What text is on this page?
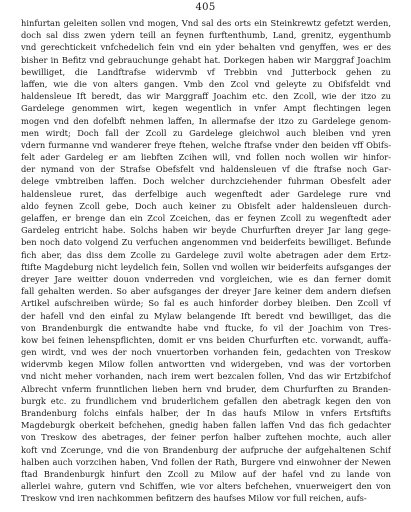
405
hinfurtan geleiten sollen vnd mogen, Vnd sal des orts ein Steinkrewtz gefetzt werden,
doch sal diss zwen ydern teill an feynen furftenthumb, Land, grenitz, eygenthumb
vnd gerechtickeit vnfchedelich fein vnd ein yder behalten vnd genyffen, wes er des
bisher in Befitz vnd gebrauchunge gehabt hat. Dorkegen haben wir Marggraf Joachim
bewilliget, die Landftrafse widervmb vf Trebbin vnd Jutterbock gehen zu
laffen, wie die von alters gangen. Vmb den Zcol vnd geleyte zu Obifsfeldt vnd
haldensleue Ift beredt, das wir Marggraff Joachim etc. den Zcoll, wie der itzo zu
Gardelege genommen wirt, kegen wegentlich in vnfer Ampt flechtingen legen
mogen vnd den dofelbft nehmen laffen, In allermafse der itzo zu Gardelege genom-
men wirdt; Doch fall der Zcoll zu Gardelege gleichwol auch bleiben vnd yren
vdern furmanne vnd wanderer freye ftehen, welche ftrafse vnder den beiden vff Obifs-
felt ader Gardeleg er am liebften Zcihen will, vnd follen noch wollen wir hinfor-
der nymand von der Strafse Obefsfelt vnd haldensleuen vf die ftrafse noch Gar-
delege vmbtreiben laffen. Doch welcher durchzciehender fuhrman Obesfelt ader
haldensleue ruret, das derfelbige auch wegenftedt ader Gardelege rure vnd
aldo feynen Zcoll gebe, Doch auch keiner zu Obisfelt ader haldensleuen durch-
gelaffen, er brenge dan ein Zcol Zceichen, das er feynen Zcoll zu wegenftedt ader
Gardeleg entricht habe. Solchs haben wir beyde Churfurften dreyer Jar lang gege-
ben noch dato volgend Zu verfuchen angenommen vnd beiderfeits bewilliget. Befunde
fich aber, das diss dem Zcolle zu Gardelege zuvil wolte abetragen ader dem Ertz-
ftifte Magdeburg nicht leydelich fein, Sollen vnd wollen wir beiderfeits aufsganges der
dreyer Jare weitter douon vnderreden vnd vorgleichen, wie es dan ferner domit
fall gehalten werden. So aber aufsganges der dreyer Jare keiner dem andern diefsen
Artikel aufschreiben würde; So fal es auch hinforder dorbey bleiben. Den Zcoll vf
der hafell vnd den einfal zu Mylaw belangende Ift beredt vnd bewilliget, das die
von Brandenburgk die entwandte habe vnd ftucke, fo vil der Joachim von Tres-
kow bei feinen lehenspflichten, domit er vns beiden Churfurften etc. vorwandt, auffa-
gen wirdt, vnd wes der noch vnuertorben vorhanden fein, gedachten von Treskow
widervmb kegen Milow follen antwortten vnd widergeben, vnd was der vortorben
vnd nicht meher vorhanden, nach irem wert bezcalen follen, Vnd das wir Ertzbifchof
Albrecht vnferm frunntlichen lieben hern vnd bruder, dem Churfurften zu Branden-
burgk etc. zu frundlichem vnd bruderlichem gefallen den abetragk kegen den von
Brandenburg folchs einfals halber, der In das haufs Milow in vnfers Ertsftifts
Magdeburgk oberkeit befchehen, gnedig haben fallen laffen Vnd das fich gedachter
von Treskow des abetrages, der feiner perfon halber zuftehen mochte, auch aller
koft vnd Zcerunge, vnd die von Brandenburg der aufpruche der aufgehaltenen Schif
halben auch vorzcihen haben, Vnd follen der Rath, Burgere vnd einwohner der Newen
ftad Brandenburgk hinfurt den Zcoll zu Milow auf der hafel vnd zu lande von
allerlei wahre, gutern vnd Schiffen, wie vor alters befchehen, vnuerweigert den von
Treskow vnd iren nachkommen befitzern des haufses Milow vor full reichen, aufs-
